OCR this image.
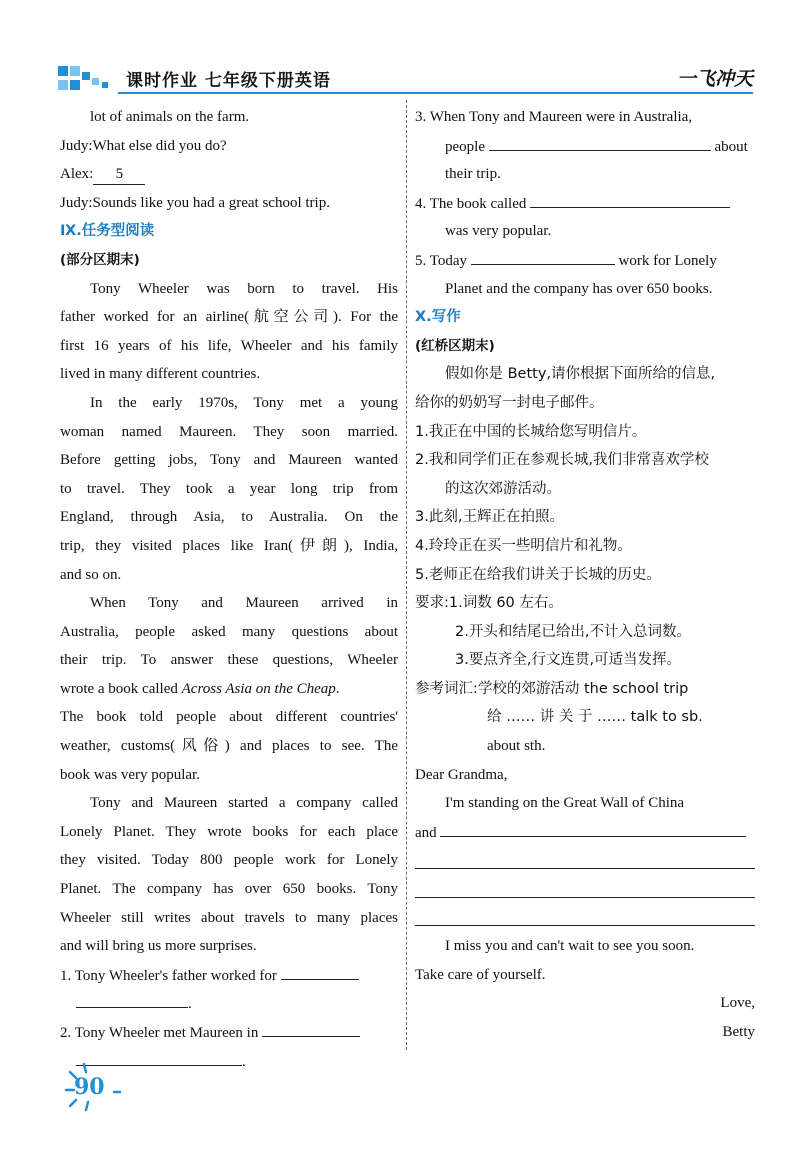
课时作业 七年级下册英语	一飞冲天
lot of animals on the farm.
Judy:What else did you do?
Alex: 5
Judy:Sounds like you had a great school trip.
Ⅸ.任务型阅读
(部分区期末)
Tony Wheeler was born to travel. His
father worked for an airline(航空公司). For the
first 16 years of his life, Wheeler and his family
lived in many different countries.
In the early 1970s, Tony met a young
woman named Maureen. They soon married.
Before getting jobs, Tony and Maureen wanted
to travel. They took a year long trip from
England, through Asia, to Australia. On the
trip, they visited places like Iran(伊朗), India,
and so on.
When Tony and Maureen arrived in
Australia, people asked many questions about
their trip. To answer these questions, Wheeler
wrote a book called Across Asia on the Cheap.
The book told people about different countries'
weather, customs(风俗) and places to see. The
book was very popular.
Tony and Maureen started a company called
Lonely Planet. They wrote books for each place
they visited. Today 800 people work for Lonely
Planet. The company has over 650 books. Tony
Wheeler still writes about travels to many places
and will bring us more surprises.
1. Tony Wheeler's father worked for
.
2. Tony Wheeler met Maureen in
.
3. When Tony and Maureen were in Australia,
people	about
their trip.
4. The book called
was very popular.
5. Today	work for Lonely
Planet and the company has over 650 books.
Ⅹ.写作
(红桥区期末)
假如你是 Betty,请你根据下面所给的信息,
给你的奶奶写一封电子邮件。
1.我正在中国的长城给您写明信片。
2.我和同学们正在参观长城,我们非常喜欢学校
的这次郊游活动。
3.此刻,王辉正在拍照。
4.玲玲正在买一些明信片和礼物。
5.老师正在给我们讲关于长城的历史。
要求:1.词数 60 左右。
2.开头和结尾已给出,不计入总词数。
3.要点齐全,行文连贯,可适当发挥。
参考词汇:学校的郊游活动 the school trip
给 …… 讲 关 于 …… talk to sb.
about sth.
Dear Grandma,
I'm standing on the Great Wall of China
and
I miss you and can't wait to see you soon.
Take care of yourself.
Love,
Betty
90
